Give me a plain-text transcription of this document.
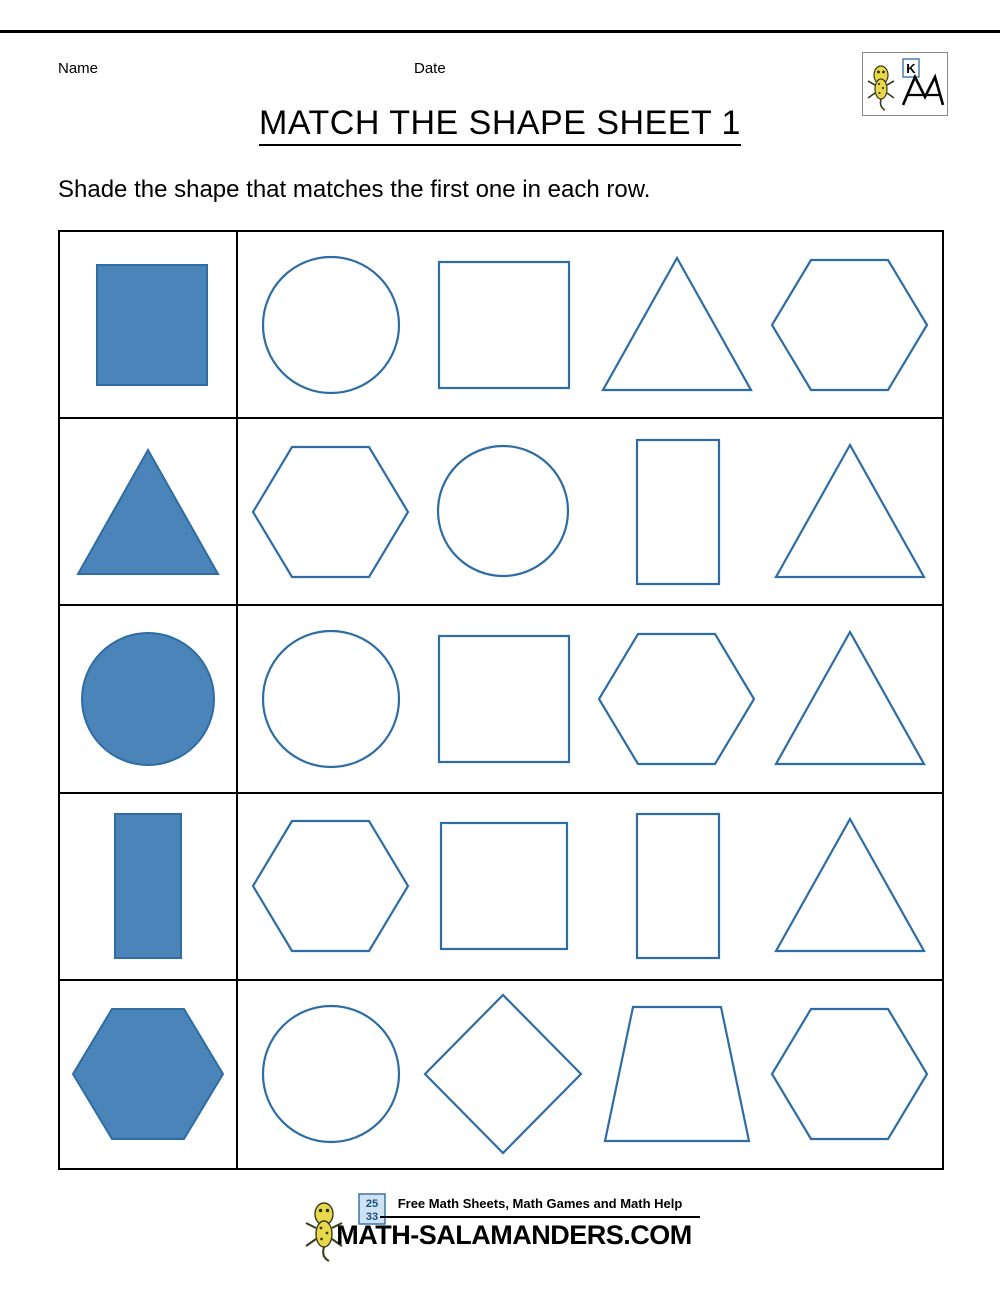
Name	Date	K
MATCH THE SHAPE SHEET 1
Shade the shape that matches the first one in each row.
25
33
Free Math Sheets, Math Games and Math Help
MATH-SALAMANDERS.COM
